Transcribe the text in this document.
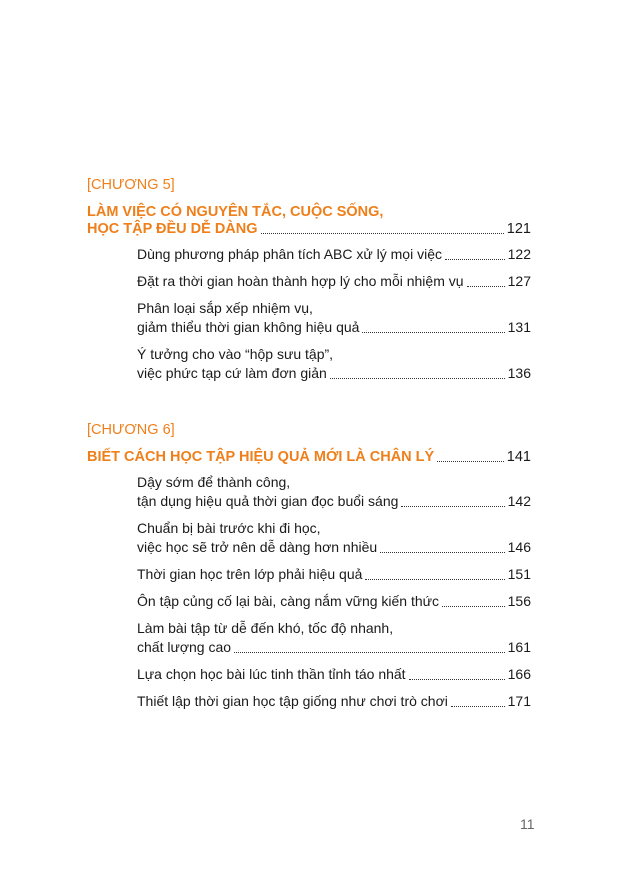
[CHƯƠNG 5]
LÀM VIỆC CÓ NGUYÊN TẮC, CUỘC SỐNG,
HỌC TẬP ĐỀU DỄ DÀNG	121
Dùng phương pháp phân tích ABC xử lý mọi việc	122
Đặt ra thời gian hoàn thành hợp lý cho mỗi nhiệm vụ	127
Phân loại sắp xếp nhiệm vụ,
giảm thiểu thời gian không hiệu quả	131
Ý tưởng cho vào “hộp sưu tập”,
việc phức tạp cứ làm đơn giản	136
[CHƯƠNG 6]
BIẾT CÁCH HỌC TẬP HIỆU QUẢ MỚI LÀ CHÂN LÝ	141
Dậy sớm để thành công,
tận dụng hiệu quả thời gian đọc buổi sáng	142
Chuẩn bị bài trước khi đi học,
việc học sẽ trở nên dễ dàng hơn nhiều	146
Thời gian học trên lớp phải hiệu quả	151
Ôn tập củng cố lại bài, càng nắm vững kiến thức	156
Làm bài tập từ dễ đến khó, tốc độ nhanh,
chất lượng cao	161
Lựa chọn học bài lúc tinh thần tỉnh táo nhất	166
Thiết lập thời gian học tập giống như chơi trò chơi	171
11
